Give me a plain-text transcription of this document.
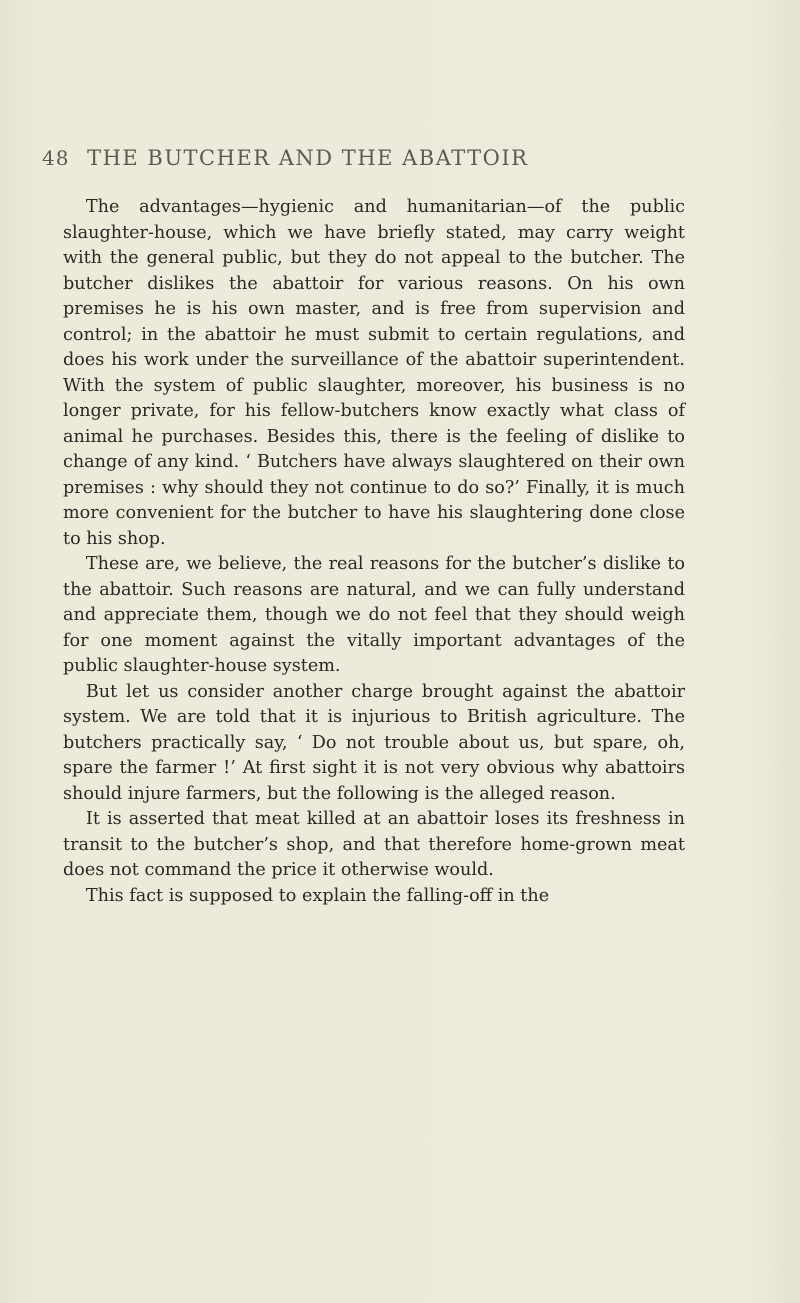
48 THE BUTCHER AND THE ABATTOIR

The advantages—hygienic and humanitarian—of the public slaughter-house, which we have briefly stated, may carry weight with the general public, but they do not appeal to the butcher. The butcher dislikes the abattoir for various reasons. On his own premises he is his own master, and is free from supervision and control; in the abattoir he must submit to certain regulations, and does his work under the surveillance of the abattoir superintendent. With the system of public slaughter, moreover, his business is no longer private, for his fellow-butchers know exactly what class of animal he purchases. Besides this, there is the feeling of dislike to change of any kind. ‘ Butchers have always slaughtered on their own premises : why should they not continue to do so?’ Finally, it is much more convenient for the butcher to have his slaughtering done close to his shop.

These are, we believe, the real reasons for the butcher’s dislike to the abattoir. Such reasons are natural, and we can fully understand and appreciate them, though we do not feel that they should weigh for one moment against the vitally important advantages of the public slaughter-house system.

But let us consider another charge brought against the abattoir system. We are told that it is injurious to British agriculture. The butchers practically say, ‘ Do not trouble about us, but spare, oh, spare the farmer !’ At first sight it is not very obvious why abattoirs should injure farmers, but the following is the alleged reason.

It is asserted that meat killed at an abattoir loses its freshness in transit to the butcher’s shop, and that therefore home-grown meat does not command the price it otherwise would.

This fact is supposed to explain the falling-off in the
